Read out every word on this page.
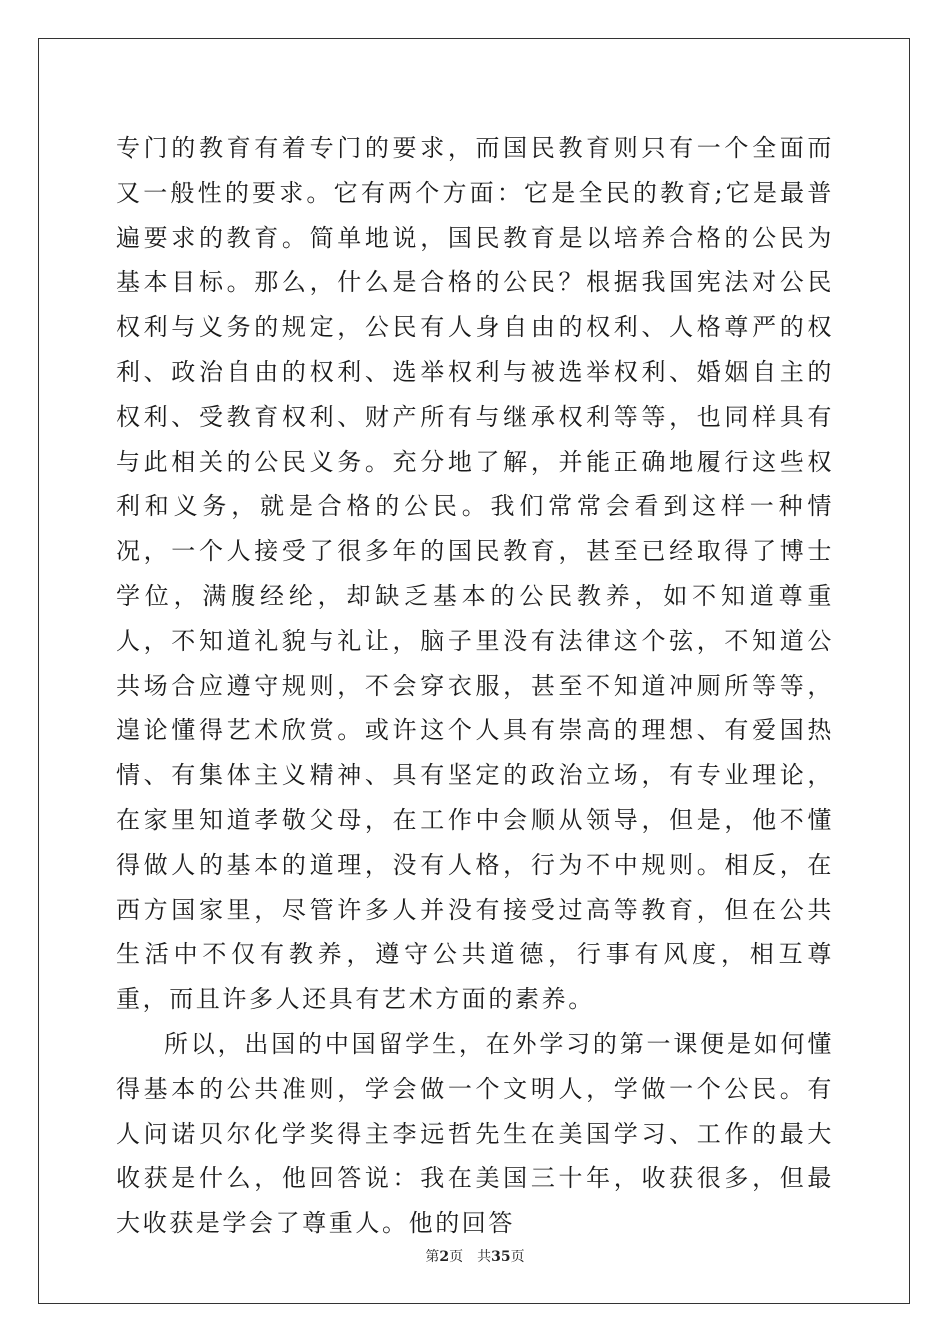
专门的教育有着专门的要求，而国民教育则只有一个全面而又一般性的要求。它有两个方面：它是全民的教育;它是最普遍要求的教育。简单地说，国民教育是以培养合格的公民为基本目标。那么，什么是合格的公民？根据我国宪法对公民权利与义务的规定，公民有人身自由的权利、人格尊严的权利、政治自由的权利、选举权利与被选举权利、婚姻自主的权利、受教育权利、财产所有与继承权利等等，也同样具有与此相关的公民义务。充分地了解，并能正确地履行这些权利和义务，就是合格的公民。我们常常会看到这样一种情况，一个人接受了很多年的国民教育，甚至已经取得了博士学位，满腹经纶，却缺乏基本的公民教养，如不知道尊重人，不知道礼貌与礼让，脑子里没有法律这个弦，不知道公共场合应遵守规则，不会穿衣服，甚至不知道冲厕所等等，遑论懂得艺术欣赏。或许这个人具有崇高的理想、有爱国热情、有集体主义精神、具有坚定的政治立场，有专业理论，在家里知道孝敬父母，在工作中会顺从领导，但是，他不懂得做人的基本的道理，没有人格，行为不中规则。相反，在西方国家里，尽管许多人并没有接受过高等教育，但在公共生活中不仅有教养，遵守公共道德，行事有风度，相互尊重，而且许多人还具有艺术方面的素养。

所以，出国的中国留学生，在外学习的第一课便是如何懂得基本的公共准则，学会做一个文明人，学做一个公民。有人问诺贝尔化学奖得主李远哲先生在美国学习、工作的最大收获是什么，他回答说：我在美国三十年，收获很多，但最大收获是学会了尊重人。他的回答

第2页 共35页
